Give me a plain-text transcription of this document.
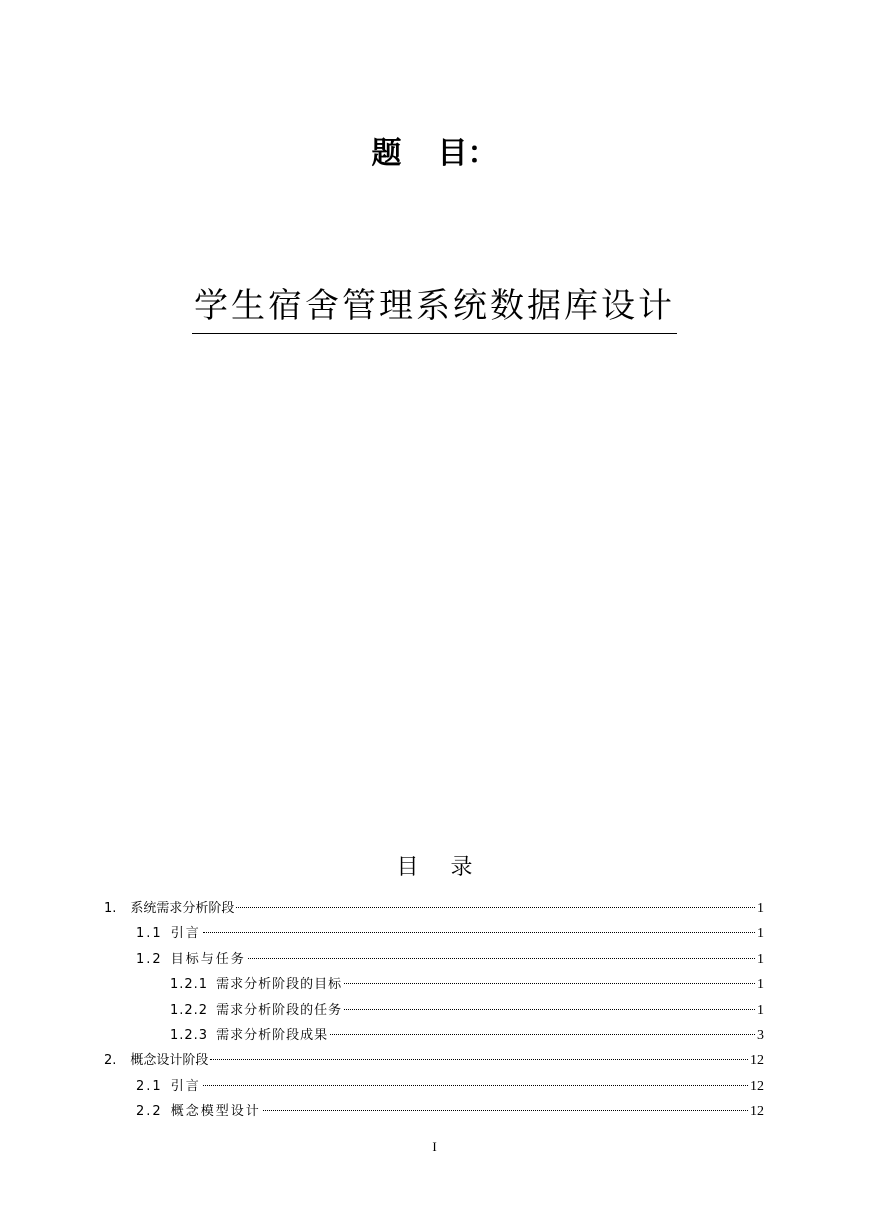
题 目：
学生宿舍管理系统数据库设计
目 录
1. 系统需求分析阶段	1
1.1 引言	1
1.2 目标与任务	1
1.2.1 需求分析阶段的目标	1
1.2.2 需求分析阶段的任务	1
1.2.3 需求分析阶段成果	3
2. 概念设计阶段	12
2.1 引言	12
2.2 概念模型设计	12
I
